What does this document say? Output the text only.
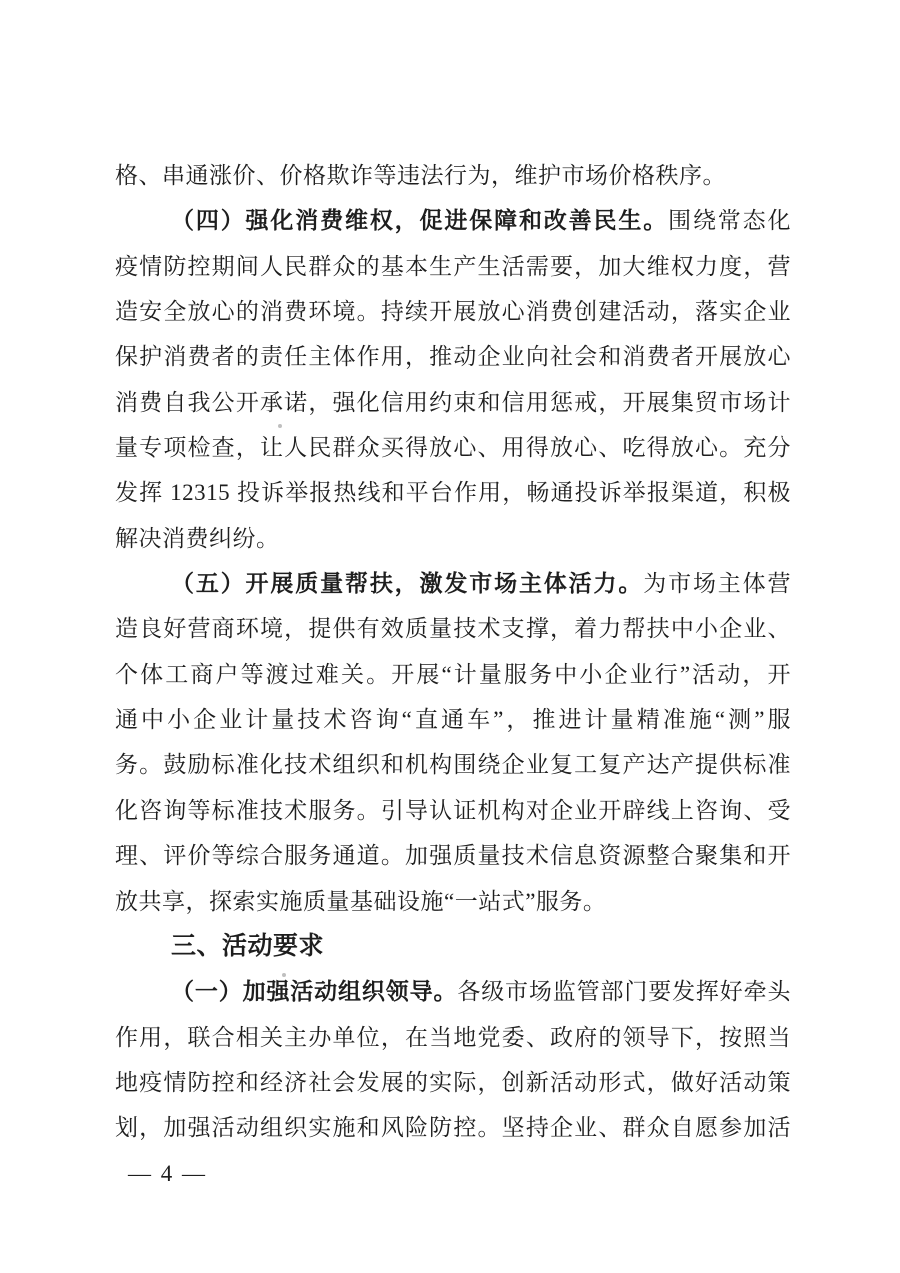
格、串通涨价、价格欺诈等违法行为，维护市场价格秩序。
（四）强化消费维权，促进保障和改善民生。围绕常态化
疫情防控期间人民群众的基本生产生活需要，加大维权力度，营
造安全放心的消费环境。持续开展放心消费创建活动，落实企业
保护消费者的责任主体作用，推动企业向社会和消费者开展放心
消费自我公开承诺，强化信用约束和信用惩戒，开展集贸市场计
量专项检查，让人民群众买得放心、用得放心、吃得放心。充分
发挥 12315 投诉举报热线和平台作用，畅通投诉举报渠道，积极
解决消费纠纷。
（五）开展质量帮扶，激发市场主体活力。为市场主体营
造良好营商环境，提供有效质量技术支撑，着力帮扶中小企业、
个体工商户等渡过难关。开展“计量服务中小企业行”活动，开
通中小企业计量技术咨询“直通车”，推进计量精准施“测”服
务。鼓励标准化技术组织和机构围绕企业复工复产达产提供标准
化咨询等标准技术服务。引导认证机构对企业开辟线上咨询、受
理、评价等综合服务通道。加强质量技术信息资源整合聚集和开
放共享，探索实施质量基础设施“一站式”服务。
三、活动要求
（一）加强活动组织领导。各级市场监管部门要发挥好牵头
作用，联合相关主办单位，在当地党委、政府的领导下，按照当
地疫情防控和经济社会发展的实际，创新活动形式，做好活动策
划，加强活动组织实施和风险防控。坚持企业、群众自愿参加活
— 4 —
